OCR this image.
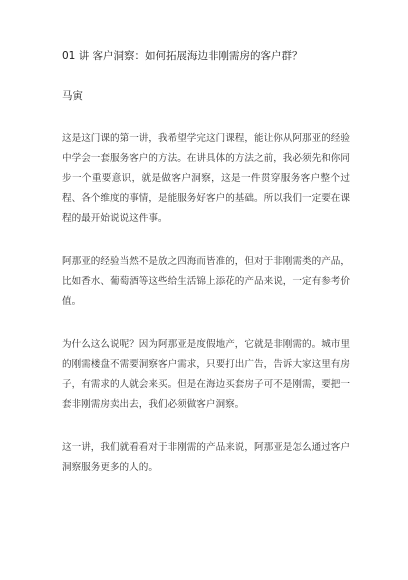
01 讲 客户洞察：如何拓展海边非刚需房的客户群？
马寅

这是这门课的第一讲，我希望学完这门课程，能让你从阿那亚的经验中学会一套服务客户的方法。在讲具体的方法之前，我必须先和你同步一个重要意识，就是做客户洞察，这是一件贯穿服务客户整个过程、各个维度的事情，是能服务好客户的基础。所以我们一定要在课程的最开始说说这件事。

阿那亚的经验当然不是放之四海而皆准的，但对于非刚需类的产品，比如香水、葡萄酒等这些给生活锦上添花的产品来说，一定有参考价值。

为什么这么说呢？因为阿那亚是度假地产，它就是非刚需的。城市里的刚需楼盘不需要洞察客户需求，只要打出广告，告诉大家这里有房子，有需求的人就会来买。但是在海边买套房子可不是刚需，要把一套非刚需房卖出去，我们必须做客户洞察。

这一讲，我们就看看对于非刚需的产品来说，阿那亚是怎么通过客户洞察服务更多的人的。
